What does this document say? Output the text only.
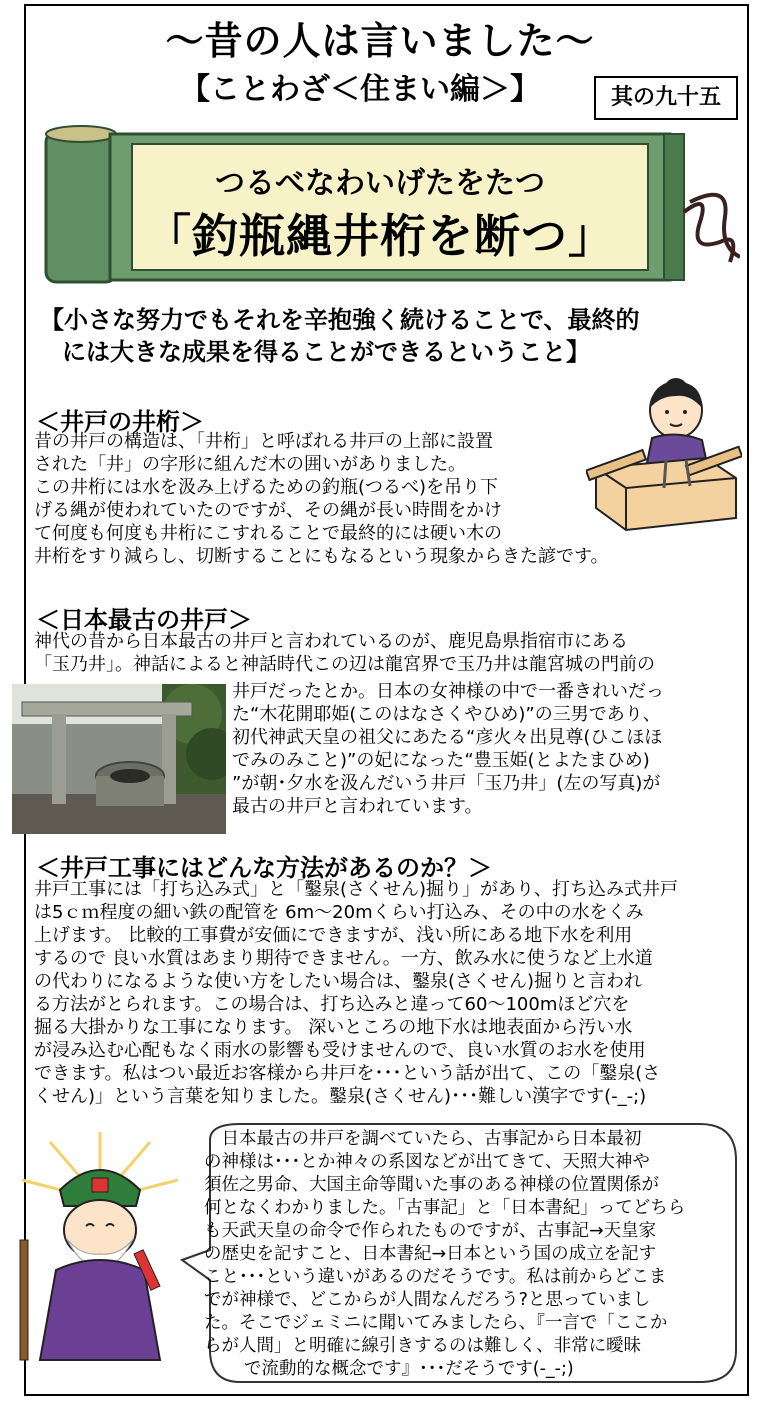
～昔の人は言いました～
【ことわざ＜住まい編＞】	其の九十五
つるべなわいげたをたつ
「釣瓶縄井桁を断つ」
【小さな努力でもそれを辛抱強く続けることで、最終的
には大きな成果を得ることができるということ】
＜井戸の井桁＞
昔の井戸の構造は、「井桁」と呼ばれる井戸の上部に設置
された「井」の字形に組んだ木の囲いがありました。
この井桁には水を汲み上げるための釣瓶(つるべ)を吊り下
げる縄が使われていたのですが、その縄が長い時間をかけ
て何度も何度も井桁にこすれることで最終的には硬い木の
井桁をすり減らし、切断することにもなるという現象からきた諺です。
＜日本最古の井戸＞
神代の昔から日本最古の井戸と言われているのが、鹿児島県指宿市にある
「玉乃井」。神話によると神話時代この辺は龍宮界で玉乃井は龍宮城の門前の
井戸だったとか。日本の女神様の中で一番きれいだっ
た“木花開耶姫(このはなさくやひめ)”の三男であり、
初代神武天皇の祖父にあたる“彦火々出見尊(ひこほほ
でみのみこと)”の妃になった“豊玉姫(とよたまひめ)
”が朝･夕水を汲んだいう井戸「玉乃井」(左の写真)が
最古の井戸と言われています。
＜井戸工事にはどんな方法があるのか？＞
井戸工事には「打ち込み式」と「鑿泉(さくせん)掘り」があり、打ち込み式井戸
は5ｃｍ程度の細い鉄の配管を 6m～20mくらい打込み、その中の水をくみ
上げます。 比較的工事費が安価にできますが、浅い所にある地下水を利用
するので 良い水質はあまり期待できません。一方、飲み水に使うなど上水道
の代わりになるような使い方をしたい場合は、鑿泉(さくせん)掘りと言われ
る方法がとられます。この場合は、打ち込みと違って60～100mほど穴を
掘る大掛かりな工事になります。 深いところの地下水は地表面から汚い水
が浸み込む心配もなく雨水の影響も受けませんので、良い水質のお水を使用
できます。私はつい最近お客様から井戸を･･･という話が出て、この「鑿泉(さ
くせん)」という言葉を知りました。鑿泉(さくせん)･･･難しい漢字です(-_-;)
　日本最古の井戸を調べていたら、古事記から日本最初
の神様は･･･とか神々の系図などが出てきて、天照大神や
須佐之男命、大国主命等聞いた事のある神様の位置関係が
何となくわかりました。「古事記」と「日本書紀」ってどちら
も天武天皇の命令で作られたものですが、古事記→天皇家
の歴史を記すこと、日本書紀→日本という国の成立を記す
こと･･･という違いがあるのだそうです。私は前からどこま
でが神様で、どこからが人間なんだろう?と思っていまし
た。そこでジェミニに聞いてみましたら、『一言で「ここか
らが人間」と明確に線引きするのは難しく、非常に曖昧
で流動的な概念です』･･･だそうです(-_-;)
